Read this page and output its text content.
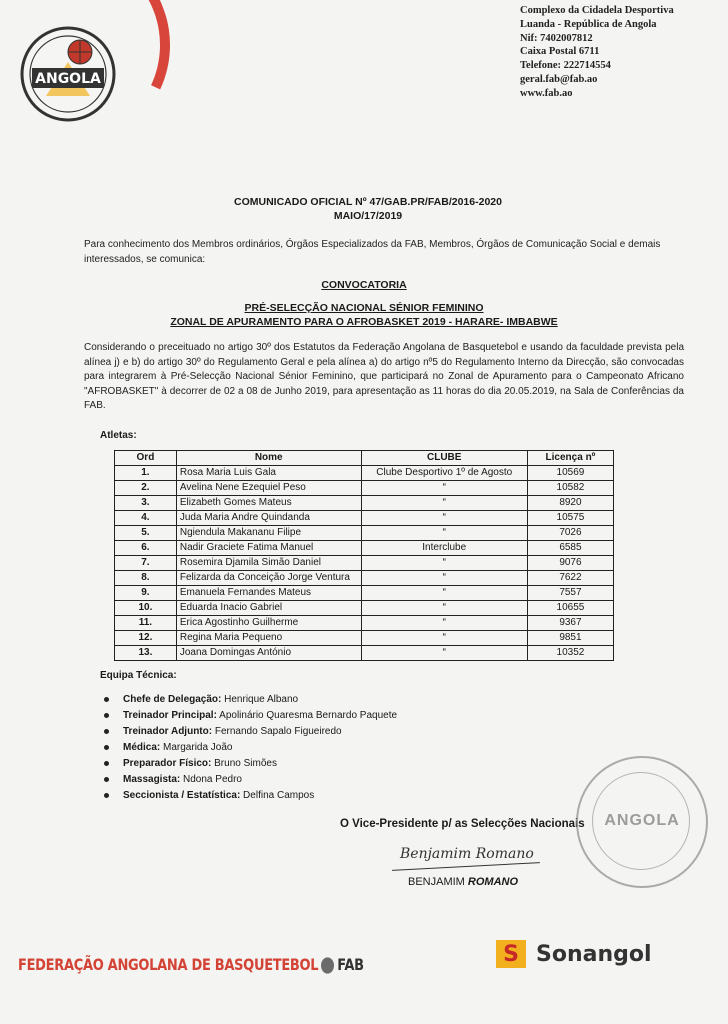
ANGOLA
Complexo da Cidadela Desportiva
Luanda - República de Angola
Nif: 7402007812
Caixa Postal 6711
Telefone: 222714554
geral.fab@fab.ao
www.fab.ao
COMUNICADO OFICIAL Nº 47/GAB.PR/FAB/2016-2020
MAIO/17/2019
Para conhecimento dos Membros ordinários, Órgãos Especializados da FAB, Membros, Órgãos de Comunicação Social e demais interessados, se comunica:
CONVOCATORIA
PRÉ-SELECÇÃO NACIONAL SÉNIOR FEMININO
ZONAL DE APURAMENTO PARA O AFROBASKET 2019 - HARARE- IMBABWE
Considerando o preceituado no artigo 30º dos Estatutos da Federação Angolana de Basquetebol e usando da faculdade prevista pela alínea j) e b) do artigo 30º do Regulamento Geral e pela alínea a) do artigo nº5 do Regulamento Interno da Direcção, são convocadas para integrarem à Pré-Selecção Nacional Sénior Feminino, que participará no Zonal de Apuramento para o Campeonato Africano "AFROBASKET" à decorrer de 02 a 08 de Junho 2019, para apresentação as 11 horas do dia 20.05.2019, na Sala de Conferências da FAB.
Atletas:
Ord	Nome	CLUBE	Licença nº
1.	Rosa Maria Luis Gala	Clube Desportivo 1º de Agosto	10569
2.	Avelina Nene Ezequiel Peso	“	10582
3.	Elizabeth Gomes Mateus	“	8920
4.	Juda Maria Andre Quindanda	“	10575
5.	Ngiendula Makananu Filipe	“	7026
6.	Nadir Graciete Fatima Manuel	Interclube	6585
7.	Rosemira Djamila Simão Daniel	“	9076
8.	Felizarda da Conceição Jorge Ventura	“	7622
9.	Emanuela Fernandes Mateus	“	7557
10.	Eduarda Inacio Gabriel	“	10655
11.	Erica Agostinho Guilherme	“	9367
12.	Regina Maria Pequeno	“	9851
13.	Joana Domingas António	“	10352
Equipa Técnica:
Chefe de Delegação: Henrique Albano
Treinador Principal: Apolinário Quaresma Bernardo Paquete
Treinador Adjunto: Fernando Sapalo Figueiredo
Médica: Margarida João
Preparador Físico: Bruno Simões
Massagista: Ndona Pedro
Seccionista / Estatística: Delfina Campos
O Vice-Presidente p/ as Selecções Nacionais
Benjamim Romano
BENJAMIM ROMANO
ANGOLA
FEDERAÇÃO ANGOLANA DE BASQUETEBOL FAB	S Sonangol
